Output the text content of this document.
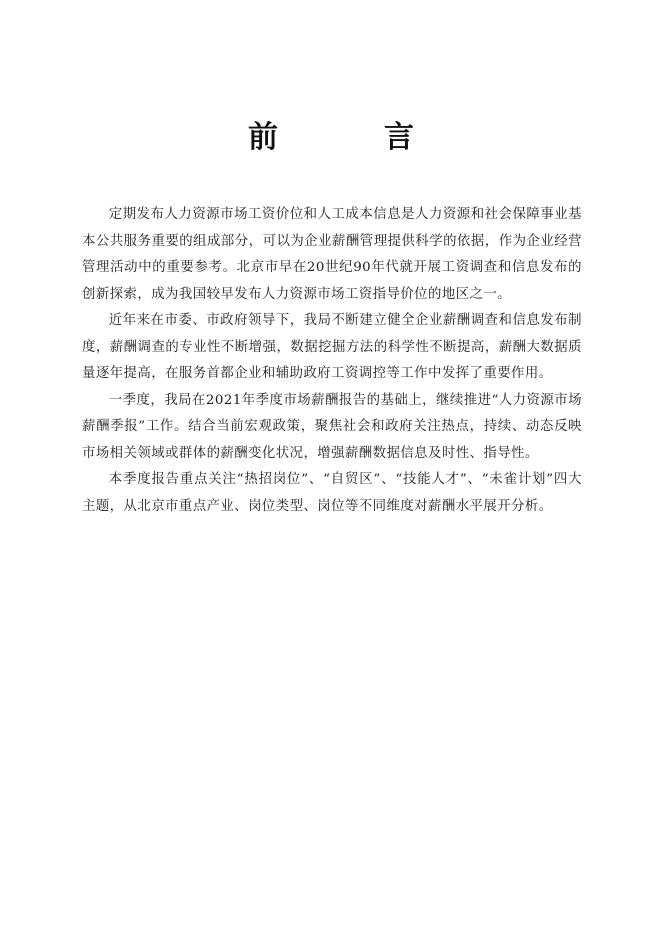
前　言

定期发布人力资源市场工资价位和人工成本信息是人力资源和社会保障事业基本公共服务重要的组成部分，可以为企业薪酬管理提供科学的依据，作为企业经营管理活动中的重要参考。北京市早在20世纪90年代就开展工资调查和信息发布的创新探索，成为我国较早发布人力资源市场工资指导价位的地区之一。

近年来在市委、市政府领导下，我局不断建立健全企业薪酬调查和信息发布制度，薪酬调查的专业性不断增强，数据挖掘方法的科学性不断提高，薪酬大数据质量逐年提高，在服务首都企业和辅助政府工资调控等工作中发挥了重要作用。

一季度，我局在2021年季度市场薪酬报告的基础上，继续推进“人力资源市场薪酬季报”工作。结合当前宏观政策，聚焦社会和政府关注热点，持续、动态反映市场相关领域或群体的薪酬变化状况，增强薪酬数据信息及时性、指导性。

本季度报告重点关注“热招岗位”、“自贸区”、“技能人才”、“未雀计划”四大主题，从北京市重点产业、岗位类型、岗位等不同维度对薪酬水平展开分析。
